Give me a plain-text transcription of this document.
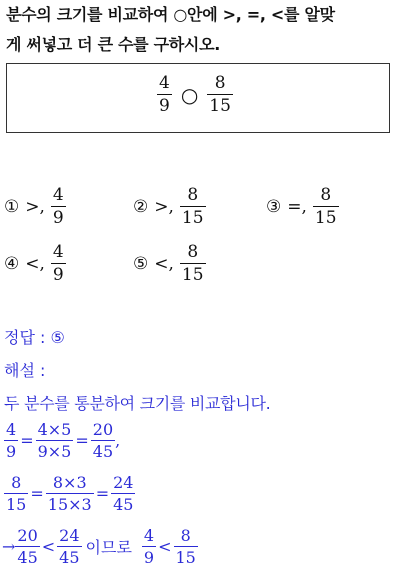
분수의 크기를 비교하여 ○안에 >, =, <를 알맞
게 써넣고 더 큰 수를 구하시오.
$\frac{4}{9}$ ○ $\frac{8}{15}$
① >, $\frac{4}{9}$	② >, $\frac{8}{15}$	③ =, $\frac{8}{15}$
④ <, $\frac{4}{9}$	⑤ <, $\frac{8}{15}$
정답 : ⑤
해설 :
두 분수를 통분하여 크기를 비교합니다.
$\frac{4}{9} = \frac{4\times 5}{9\times 5} = \frac{20}{45}$ ,
$\frac{8}{15} = \frac{8\times 3}{15\times 3} = \frac{24}{45}$
→ $\frac{20}{45} < \frac{24}{45}$ 이므로 $\frac{4}{9} < \frac{8}{15}$
